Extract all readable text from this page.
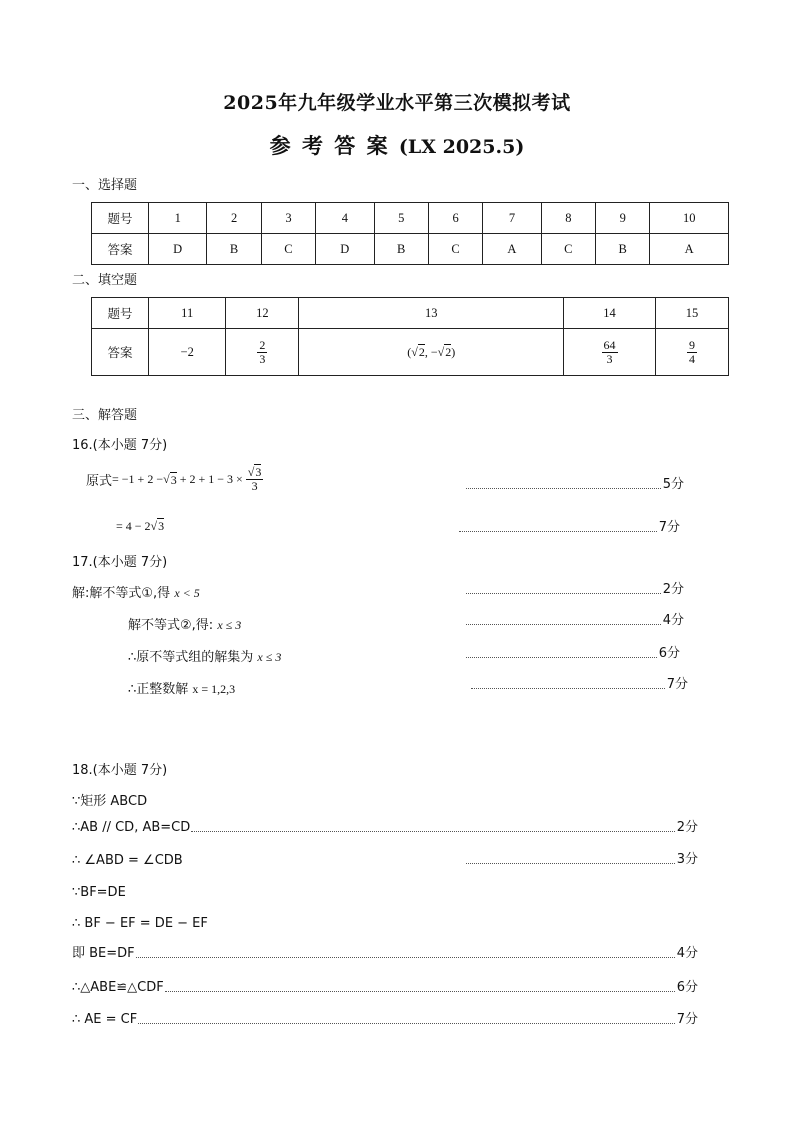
2025年九年级学业水平第三次模拟考试
参 考 答 案 (LX 2025.5)
一、选择题
题号	1	2	3	4	5	6	7	8	9	10
答案	D	B	C	D	B	C	A	C	B	A
二、填空题
题号	11	12	13	14	15
答案	−2	$\frac{2}{3}$	(√2, −√2)	$\frac{64}{3}$	$\frac{9}{4}$
三、解答题
16.(本小题 7分)
原式 = −1 + 2 − √ $3 + 2 + 1 - 3 \times \frac{√3}{3}$	5分
= 4 − 2√3	7分
17.(本小题 7分)
解:解不等式①,得 x < 5	2分
解不等式②,得: x ≤ 3	4分
∴原不等式组的解集为 x ≤ 3	6分
∴正整数解 x = 1,2,3	7分
18.(本小题 7分)
∵矩形 ABCD
∴AB // CD, AB=CD	2分
∴ ∠ABD = ∠CDB	3分
∵BF=DE
∴ BF − EF = DE − EF
即 BE=DF	4分
∴△ABE≌△CDF	6分
∴ AE = CF	7分
